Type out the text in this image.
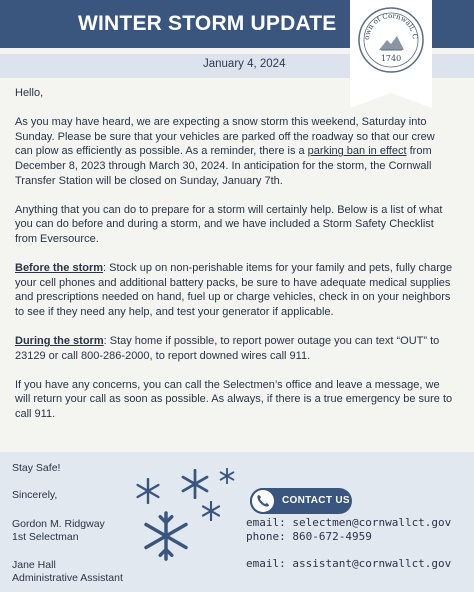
WINTER STORM UPDATE
January 4, 2024
own of Cornwall, C
1740

Hello,

As you may have heard, we are expecting a snow storm this weekend, Saturday into Sunday. Please be sure that your vehicles are parked off the roadway so that our crew can plow as efficiently as possible. As a reminder, there is a parking ban in effect from December 8, 2023 through March 30, 2024. In anticipation for the storm, the Cornwall Transfer Station will be closed on Sunday, January 7th.

Anything that you can do to prepare for a storm will certainly help. Below is a list of what you can do before and during a storm, and we have included a Storm Safety Checklist from Eversource.

Before the storm: Stock up on non-perishable items for your family and pets, fully charge your cell phones and additional battery packs, be sure to have adequate medical supplies and prescriptions needed on hand, fuel up or charge vehicles, check in on your neighbors to see if they need any help, and test your generator if applicable.

During the storm: Stay home if possible, to report power outage you can text “OUT” to 23129 or call 800-286-2000, to report downed wires call 911.

If you have any concerns, you can call the Selectmen’s office and leave a message, we will return your call as soon as possible. As always, if there is a true emergency be sure to call 911.

Stay Safe!
Sincerely,
Gordon M. Ridgway
1st Selectman
Jane Hall
Administrative Assistant
CONTACT US
email: selectmen@cornwallct.gov
phone: 860-672-4959
email: assistant@cornwallct.gov
